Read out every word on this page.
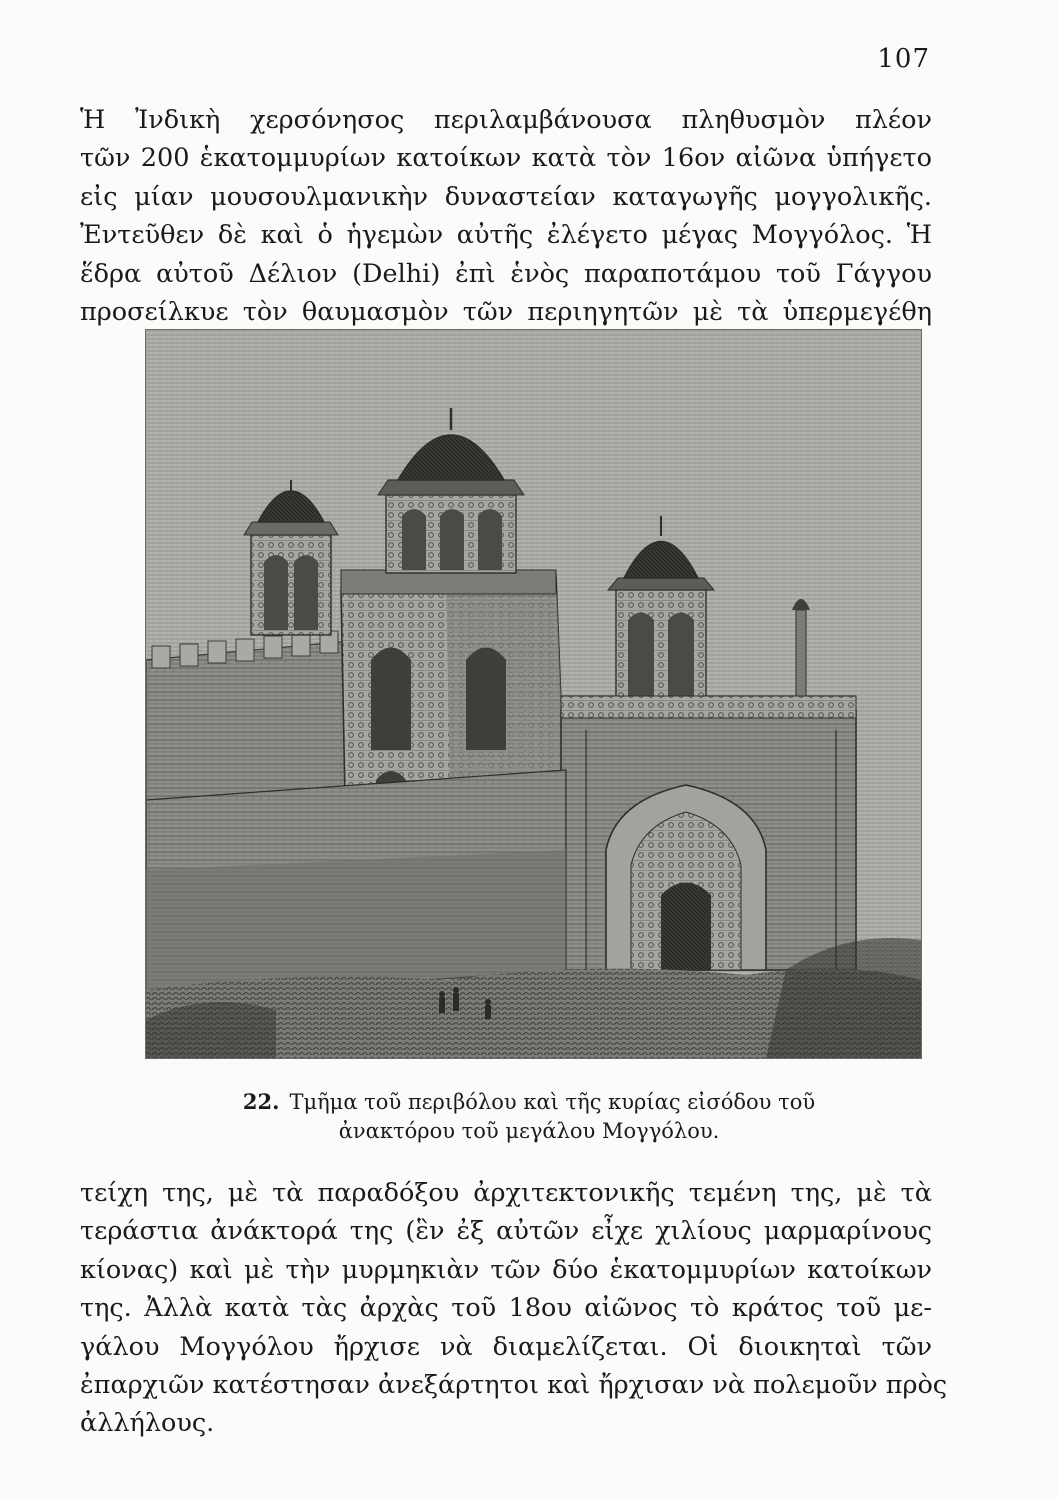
107

Ἡ Ἰνδικὴ χερσόνησος περιλαμβάνουσα πληθυσμὸν πλέον
τῶν 200 ἑκατομμυρίων κατοίκων κατὰ τὸν 16ον αἰῶνα ὑπήγετο
εἰς μίαν μουσουλμανικὴν δυναστείαν καταγωγῆς μογγολικῆς.
Ἐντεῦθεν δὲ καὶ ὁ ἡγεμὼν αὐτῆς ἐλέγετο μέγας Μογγόλος. Ἡ
ἕδρα αὐτοῦ Δέλιον (Delhi) ἐπὶ ἑνὸς παραποτάμου τοῦ Γάγγου
προσείλκυε τὸν θαυμασμὸν τῶν περιηγητῶν μὲ τὰ ὑπερμεγέθη

22. Τμῆμα τοῦ περιβόλου καὶ τῆς κυρίας εἰσόδου τοῦ
ἀνακτόρου τοῦ μεγάλου Μογγόλου.

τείχη της, μὲ τὰ παραδόξου ἀρχιτεκτονικῆς τεμένη της, μὲ τὰ
τεράστια ἀνάκτορά της (ἓν ἐξ αὐτῶν εἶχε χιλίους μαρμαρίνους
κίονας) καὶ μὲ τὴν μυρμηκιὰν τῶν δύο ἑκατομμυρίων κατοίκων
της. Ἀλλὰ κατὰ τὰς ἀρχὰς τοῦ 18ου αἰῶνος τὸ κράτος τοῦ με-
γάλου Μογγόλου ἤρχισε νὰ διαμελίζεται. Οἱ διοικηταὶ τῶν
ἐπαρχιῶν κατέστησαν ἀνεξάρτητοι καὶ ἤρχισαν νὰ πολεμοῦν πρὸς
ἀλλήλους.
